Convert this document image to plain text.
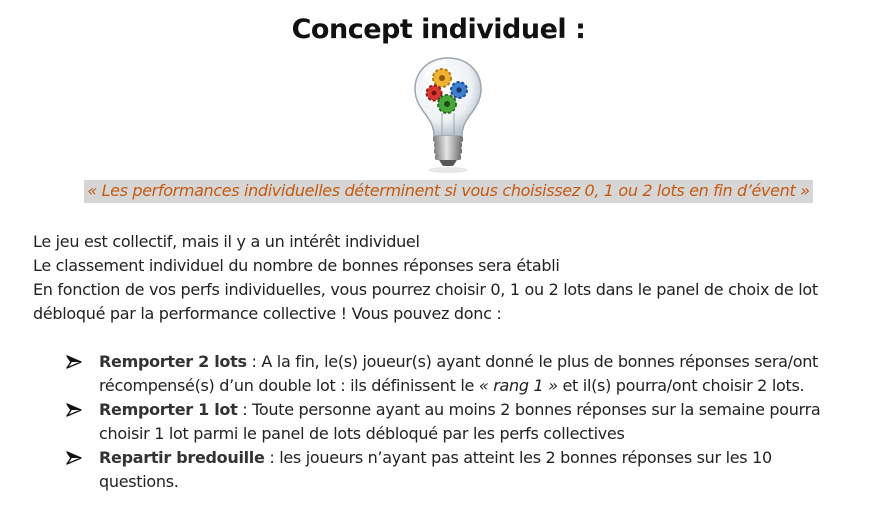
Concept individuel :
« Les performances individuelles déterminent si vous choisissez 0, 1 ou 2 lots en fin d’évent »

Le jeu est collectif, mais il y a un intérêt individuel

Le classement individuel du nombre de bonnes réponses sera établi

En fonction de vos perfs individuelles, vous pourrez choisir 0, 1 ou 2 lots dans le panel de choix de lot débloqué par la performance collective ! Vous pouvez donc :

Remporter 2 lots : A la fin, le(s) joueur(s) ayant donné le plus de bonnes réponses sera/ont récompensé(s) d’un double lot : ils définissent le « rang 1 » et il(s) pourra/ont choisir 2 lots.
Remporter 1 lot : Toute personne ayant au moins 2 bonnes réponses sur la semaine pourra choisir 1 lot parmi le panel de lots débloqué par les perfs collectives
Repartir bredouille : les joueurs n’ayant pas atteint les 2 bonnes réponses sur les 10 questions.
